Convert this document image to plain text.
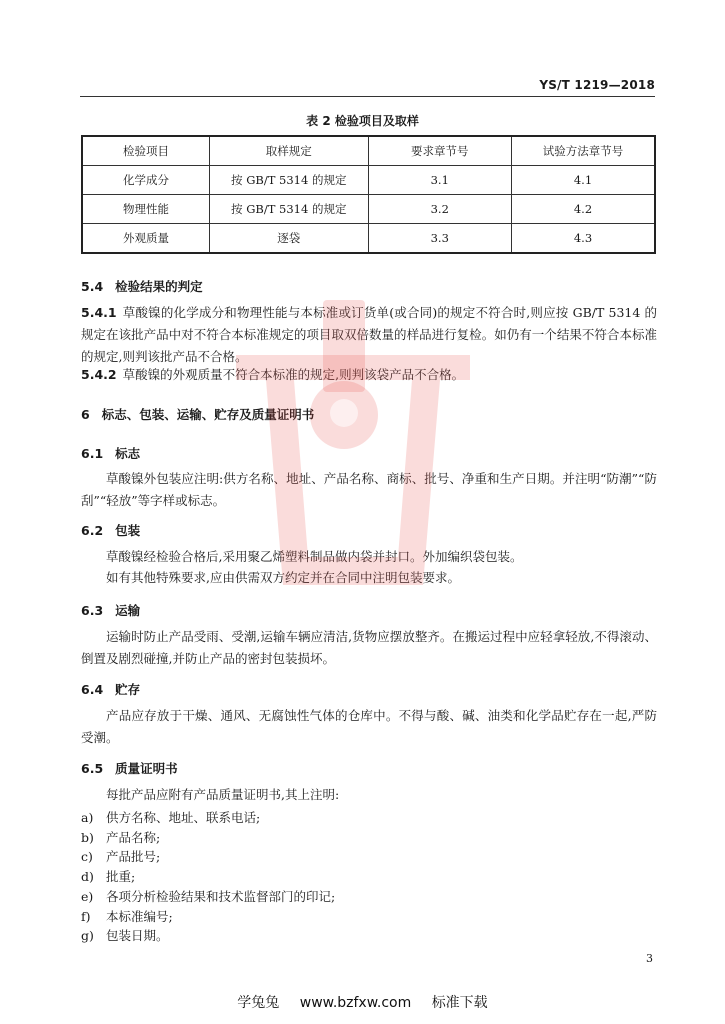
YS/T 1219—2018
表 2 检验项目及取样
检验项目	取样规定	要求章节号	试验方法章节号
化学成分	按 GB/T 5314 的规定	3.1	4.1
物理性能	按 GB/T 5314 的规定	3.2	4.2
外观质量	逐袋	3.3	4.3
5.4 检验结果的判定
5.4.1 草酸镍的化学成分和物理性能与本标准或订货单(或合同)的规定不符合时,则应按 GB/T 5314 的规定在该批产品中对不符合本标准规定的项目取双倍数量的样品进行复检。如仍有一个结果不符合本标准的规定,则判该批产品不合格。
5.4.2 草酸镍的外观质量不符合本标准的规定,则判该袋产品不合格。
6 标志、包装、运输、贮存及质量证明书
6.1 标志
草酸镍外包装应注明:供方名称、地址、产品名称、商标、批号、净重和生产日期。并注明“防潮”“防刮”“轻放”等字样或标志。
6.2 包装
草酸镍经检验合格后,采用聚乙烯塑料制品做内袋并封口。外加编织袋包装。
如有其他特殊要求,应由供需双方约定并在合同中注明包装要求。
6.3 运输
运输时防止产品受雨、受潮,运输车辆应清洁,货物应摆放整齐。在搬运过程中应轻拿轻放,不得滚动、倒置及剧烈碰撞,并防止产品的密封包装损坏。
6.4 贮存
产品应存放于干燥、通风、无腐蚀性气体的仓库中。不得与酸、碱、油类和化学品贮存在一起,严防受潮。
6.5 质量证明书
每批产品应附有产品质量证明书,其上注明:
a) 供方名称、地址、联系电话;
b) 产品名称;
c) 产品批号;
d) 批重;
e) 各项分析检验结果和技术监督部门的印记;
f) 本标准编号;
g) 包装日期。
3
学兔兔 www.bzfxw.com 标准下载
